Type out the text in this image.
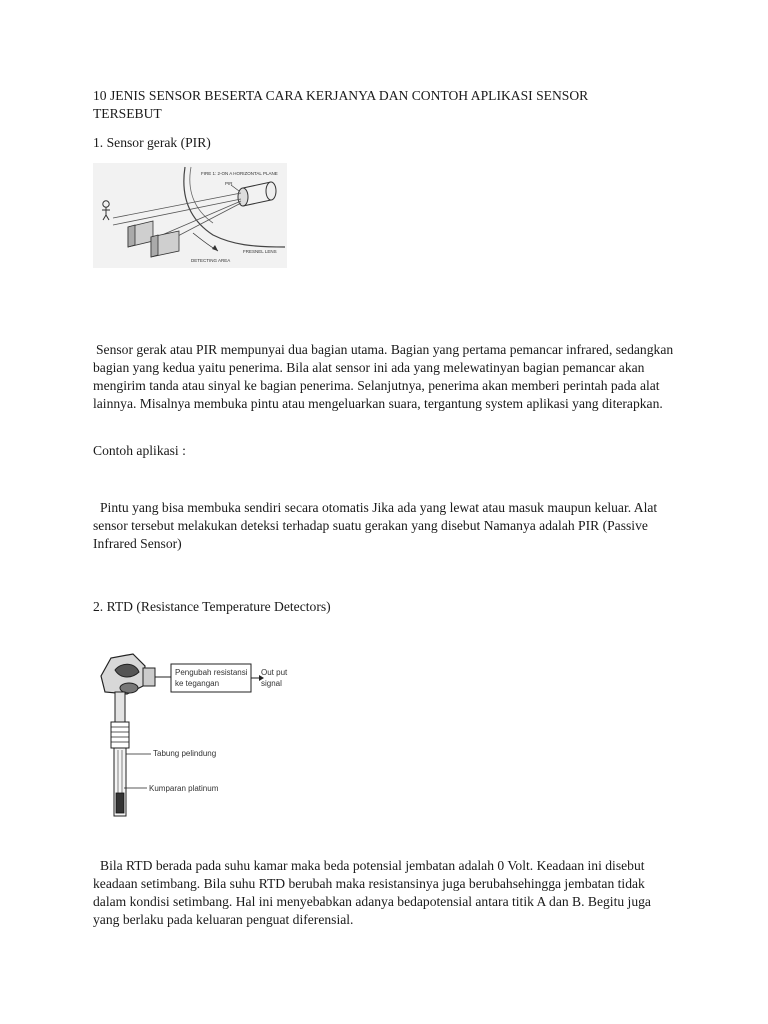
10 JENIS SENSOR BESERTA CARA KERJANYA DAN CONTOH APLIKASI SENSOR TERSEBUT

1. Sensor gerak (PIR)

FIRE 1: 2-ON A HORIZONTAL PLANE
PIR
FRESNEL LENS
DETECTING AREA

Sensor gerak atau PIR mempunyai dua bagian utama. Bagian yang pertama pemancar infrared, sedangkan bagian yang kedua yaitu penerima. Bila alat sensor ini ada yang melewatinyan bagian pemancar akan mengirim tanda atau sinyal ke bagian penerima. Selanjutnya, penerima akan memberi perintah pada alat lainnya. Misalnya membuka pintu atau mengeluarkan suara, tergantung system aplikasi yang diterapkan.

Contoh aplikasi :

Pintu yang bisa membuka sendiri secara otomatis Jika ada yang lewat atau masuk maupun keluar. Alat sensor tersebut melakukan deteksi terhadap suatu gerakan yang disebut Namanya adalah PIR (Passive Infrared Sensor)

2. RTD (Resistance Temperature Detectors)

Pengubah resistansi
ke tegangan
Out put
signal
Tabung pelindung
Kumparan platinum

Bila RTD berada pada suhu kamar maka beda potensial jembatan adalah 0 Volt. Keadaan ini disebut keadaan setimbang. Bila suhu RTD berubah maka resistansinya juga berubahsehingga jembatan tidak dalam kondisi setimbang. Hal ini menyebabkan adanya bedapotensial antara titik A dan B. Begitu juga yang berlaku pada keluaran penguat diferensial.
